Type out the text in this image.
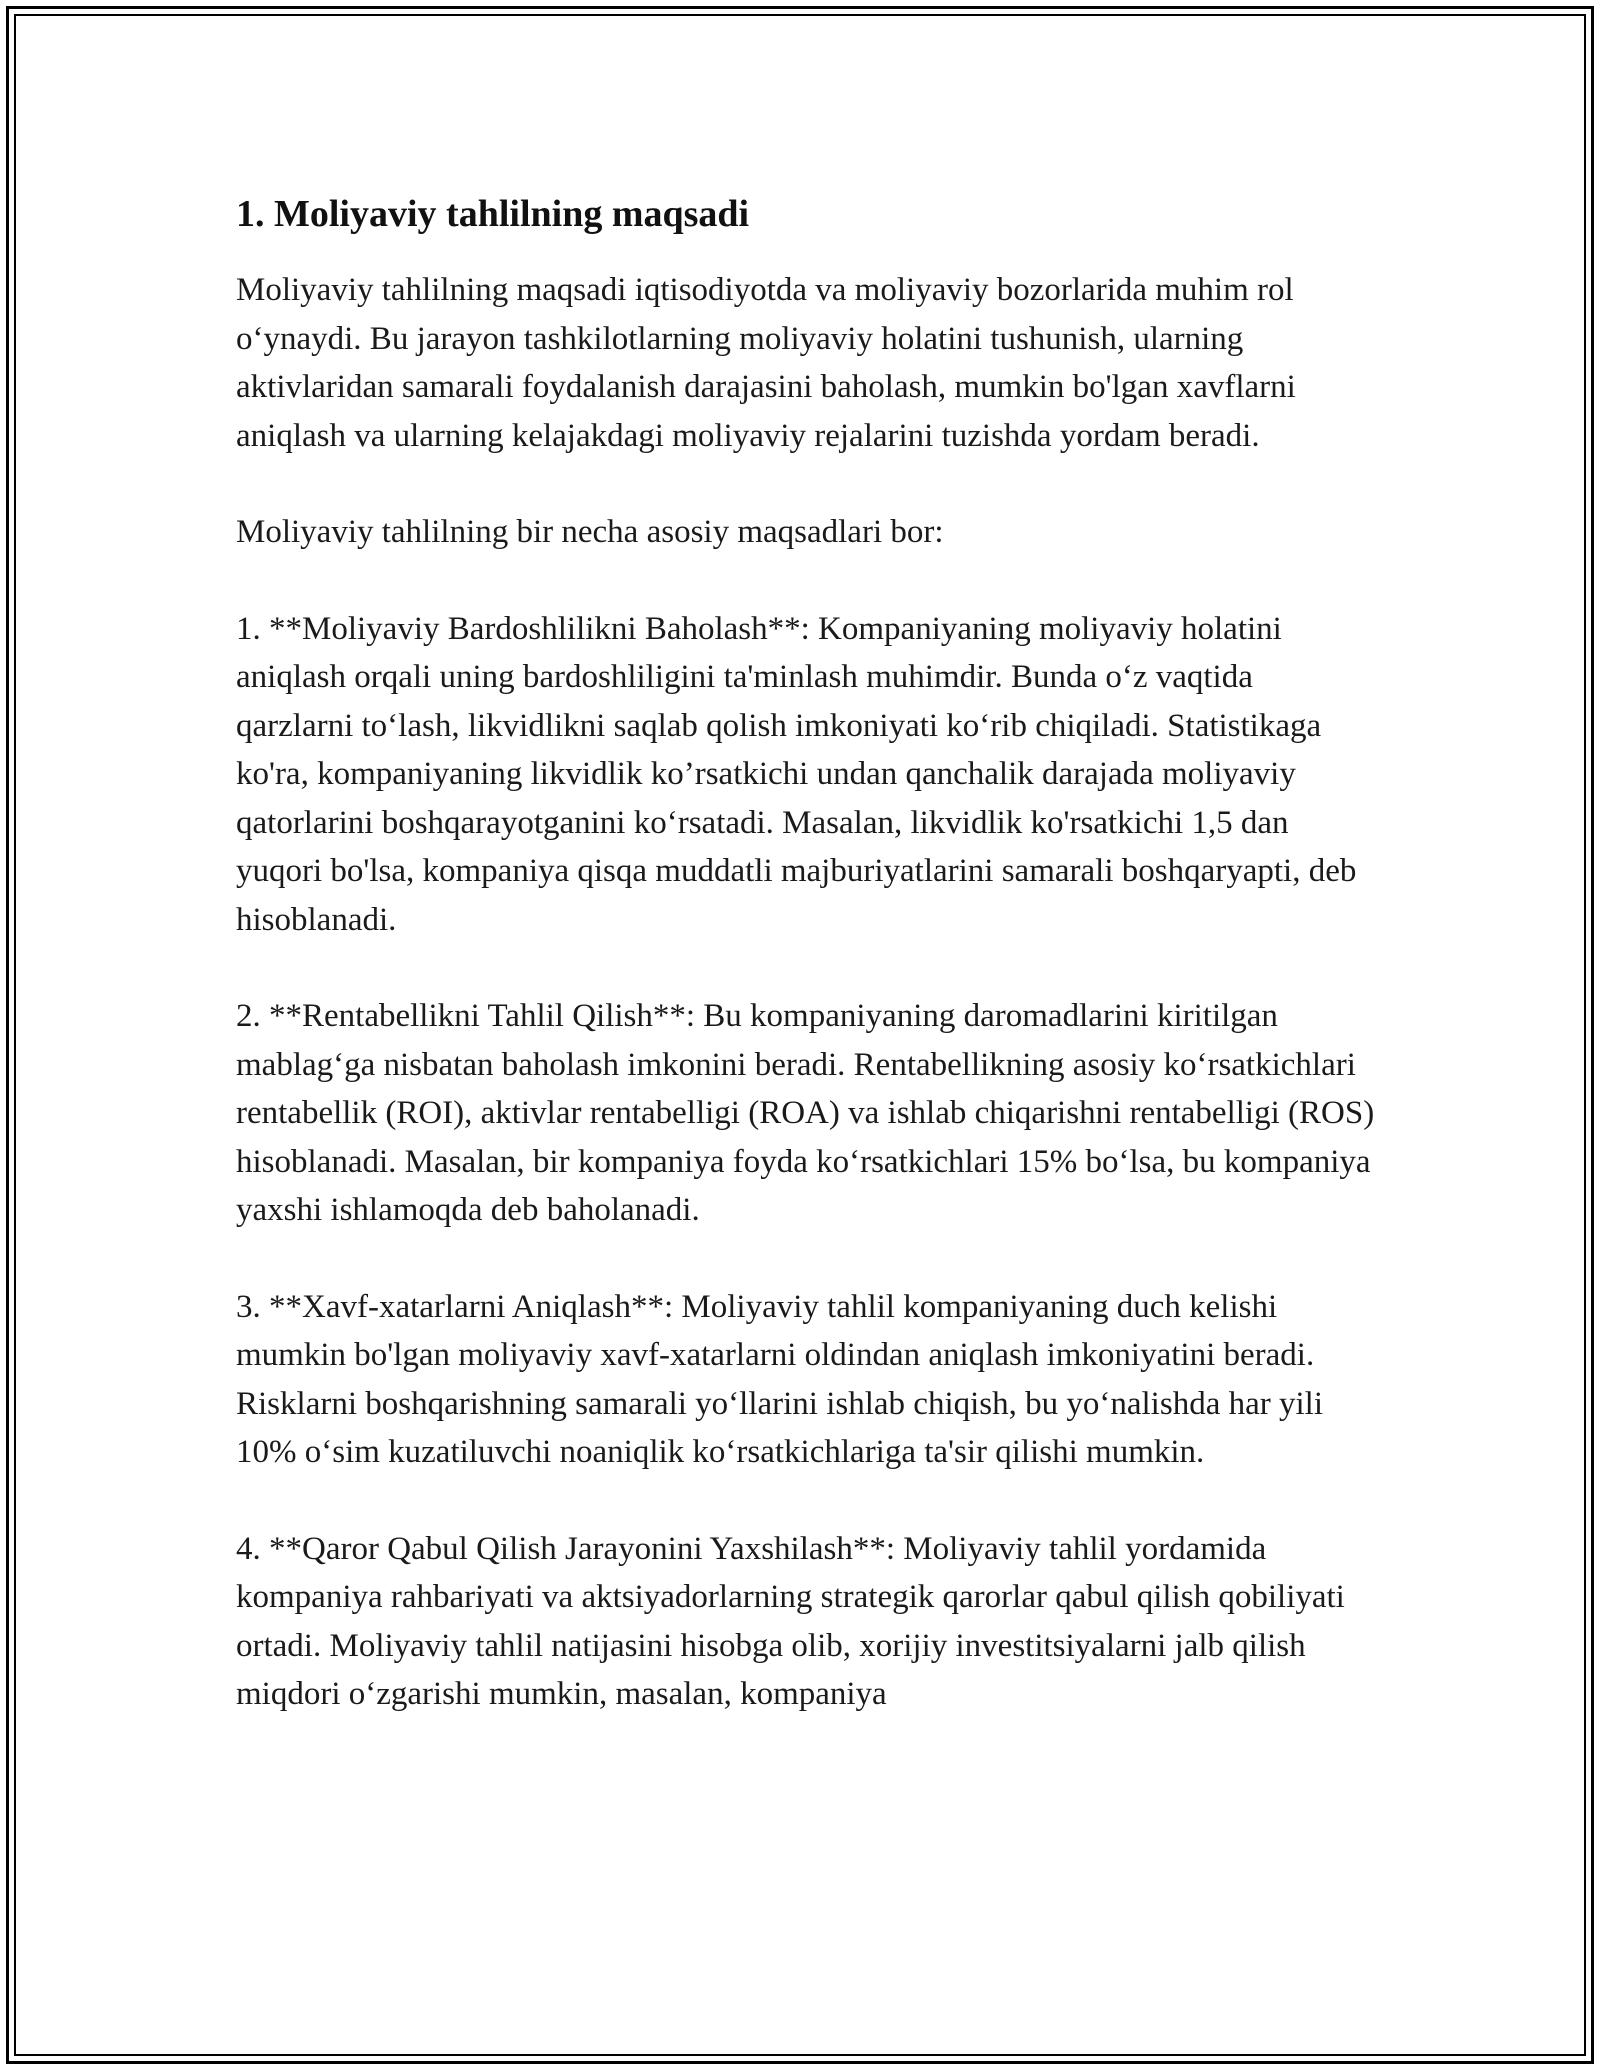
1. Moliyaviy tahlilning maqsadi

Moliyaviy tahlilning maqsadi iqtisodiyotda va moliyaviy bozorlarida muhim rol o‘ynaydi. Bu jarayon tashkilotlarning moliyaviy holatini tushunish, ularning aktivlaridan samarali foydalanish darajasini baholash, mumkin bo'lgan xavflarni aniqlash va ularning kelajakdagi moliyaviy rejalarini tuzishda yordam beradi.

Moliyaviy tahlilning bir necha asosiy maqsadlari bor:

1. **Moliyaviy Bardoshlilikni Baholash**: Kompaniyaning moliyaviy holatini aniqlash orqali uning bardoshliligini ta'minlash muhimdir. Bunda o‘z vaqtida qarzlarni to‘lash, likvidlikni saqlab qolish imkoniyati ko‘rib chiqiladi. Statistikaga ko'ra, kompaniyaning likvidlik ko’rsatkichi undan qanchalik darajada moliyaviy qatorlarini boshqarayotganini ko‘rsatadi. Masalan, likvidlik ko'rsatkichi 1,5 dan yuqori bo'lsa, kompaniya qisqa muddatli majburiyatlarini samarali boshqaryapti, deb hisoblanadi.

2. **Rentabellikni Tahlil Qilish**: Bu kompaniyaning daromadlarini kiritilgan mablag‘ga nisbatan baholash imkonini beradi. Rentabellikning asosiy ko‘rsatkichlari rentabellik (ROI), aktivlar rentabelligi (ROA) va ishlab chiqarishni rentabelligi (ROS) hisoblanadi. Masalan, bir kompaniya foyda ko‘rsatkichlari 15% bo‘lsa, bu kompaniya yaxshi ishlamoqda deb baholanadi.

3. **Xavf-xatarlarni Aniqlash**: Moliyaviy tahlil kompaniyaning duch kelishi mumkin bo'lgan moliyaviy xavf-xatarlarni oldindan aniqlash imkoniyatini beradi. Risklarni boshqarishning samarali yo‘llarini ishlab chiqish, bu yo‘nalishda har yili 10% o‘sim kuzatiluvchi noaniqlik ko‘rsatkichlariga ta'sir qilishi mumkin.

4. **Qaror Qabul Qilish Jarayonini Yaxshilash**: Moliyaviy tahlil yordamida kompaniya rahbariyati va aktsiyadorlarning strategik qarorlar qabul qilish qobiliyati ortadi. Moliyaviy tahlil natijasini hisobga olib, xorijiy investitsiyalarni jalb qilish miqdori o‘zgarishi mumkin, masalan, kompaniya
